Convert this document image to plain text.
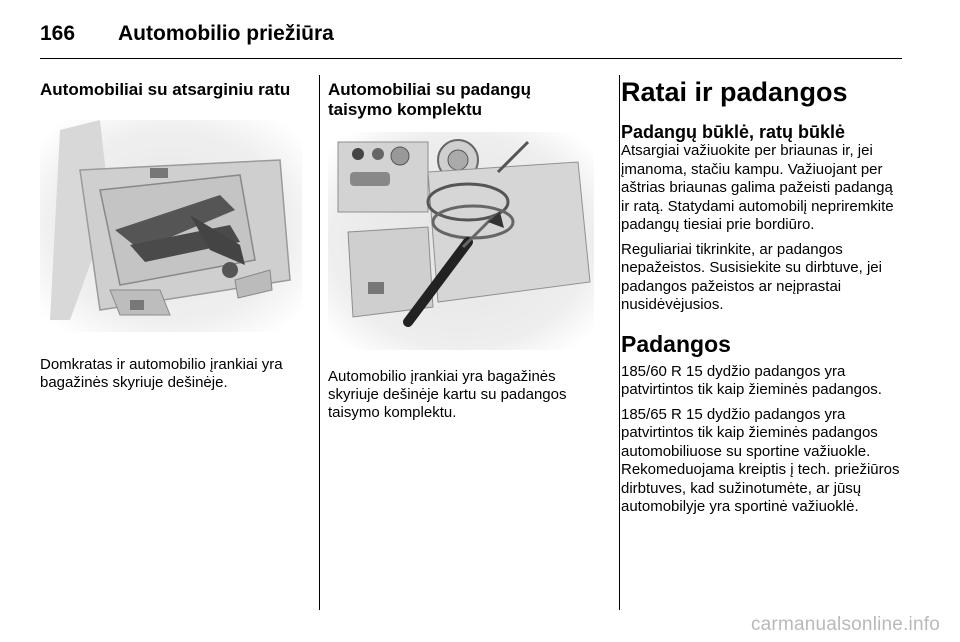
166 Automobilio priežiūra
Automobiliai su atsarginiu ratu

Domkratas ir automobilio įrankiai yra bagažinės skyriuje dešinėje.

Automobiliai su padangų
taisymo komplektu

Automobilio įrankiai yra bagažinės skyriuje dešinėje kartu su padangos taisymo komplektu.

Ratai ir padangos
Padangų būklė, ratų būklė

Atsargiai važiuokite per briaunas ir, jei įmanoma, stačiu kampu. Važiuojant per aštrias briaunas galima pažeisti padangą ir ratą. Statydami automobilį nepriremkite padangų tiesiai prie bordiūro.

Reguliariai tikrinkite, ar padangos nepažeistos. Susisiekite su dirbtuve, jei padangos pažeistos ar neįprastai nusidėvėjusios.

Padangos

185/60 R 15 dydžio padangos yra patvirtintos tik kaip žieminės padangos.

185/65 R 15 dydžio padangos yra patvirtintos tik kaip žieminės padangos automobiliuose su sportine važiuokle. Rekomeduojama kreiptis į tech. priežiūros dirbtuves, kad sužinotumėte, ar jūsų automobilyje yra sportinė važiuoklė.

carmanualsonline.info
